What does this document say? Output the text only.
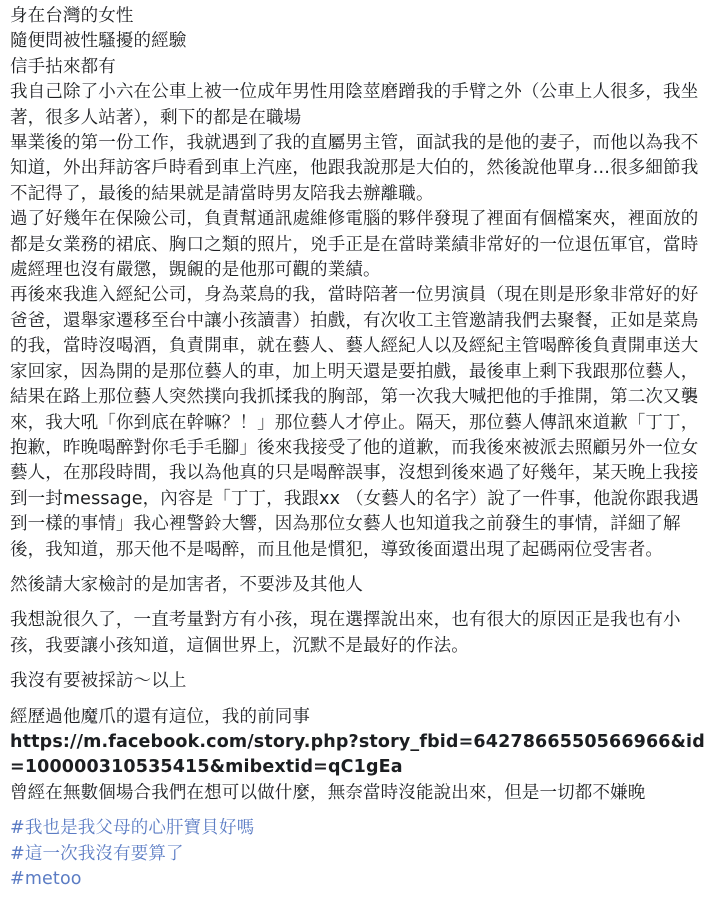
身在台灣的女性

隨便問被性騷擾的經驗

信手拈來都有

我自己除了小六在公車上被一位成年男性用陰莖磨蹭我的手臂之外（公車上人很多，我坐著，很多人站著），剩下的都是在職場

畢業後的第一份工作，我就遇到了我的直屬男主管，面試我的是他的妻子，而他以為我不知道，外出拜訪客戶時看到車上汽座，他跟我說那是大伯的，然後說他單身…很多細節我不記得了，最後的結果就是請當時男友陪我去辦離職。

過了好幾年在保險公司，負責幫通訊處維修電腦的夥伴發現了裡面有個檔案夾，裡面放的都是女業務的裙底、胸口之類的照片，兇手正是在當時業績非常好的一位退伍軍官，當時處經理也沒有嚴懲，覬覦的是他那可觀的業績。

再後來我進入經紀公司，身為菜鳥的我，當時陪著一位男演員（現在則是形象非常好的好爸爸，還舉家遷移至台中讓小孩讀書）拍戲，有次收工主管邀請我們去聚餐，正如是菜鳥的我，當時沒喝酒，負責開車，就在藝人、藝人經紀人以及經紀主管喝醉後負責開車送大家回家，因為開的是那位藝人的車，加上明天還是要拍戲，最後車上剩下我跟那位藝人，結果在路上那位藝人突然撲向我抓揉我的胸部，第一次我大喊把他的手推開，第二次又襲來，我大吼「你到底在幹嘛？！」那位藝人才停止。隔天，那位藝人傳訊來道歉「丁丁，抱歉，昨晚喝醉對你毛手毛腳」後來我接受了他的道歉，而我後來被派去照顧另外一位女藝人，在那段時間，我以為他真的只是喝醉誤事，沒想到後來過了好幾年，某天晚上我接到一封message，內容是「丁丁，我跟xx （女藝人的名字）說了一件事，他說你跟我遇到一樣的事情」我心裡警鈴大響，因為那位女藝人也知道我之前發生的事情，詳細了解後，我知道，那天他不是喝醉，而且他是慣犯，導致後面還出現了起碼兩位受害者。

然後請大家檢討的是加害者，不要涉及其他人

我想說很久了，一直考量對方有小孩，現在選擇說出來，也有很大的原因正是我也有小孩，我要讓小孩知道，這個世界上，沉默不是最好的作法。

我沒有要被採訪～以上

經歷過他魔爪的還有這位，我的前同事

https://m.facebook.com/story.php?story_fbid=6427866550566966&id=100000310535415&mibextid=qC1gEa

曾經在無數個場合我們在想可以做什麼，無奈當時沒能說出來，但是一切都不嫌晚

#我也是我父母的心肝寶貝好嗎
#這一次我沒有要算了
#metoo
